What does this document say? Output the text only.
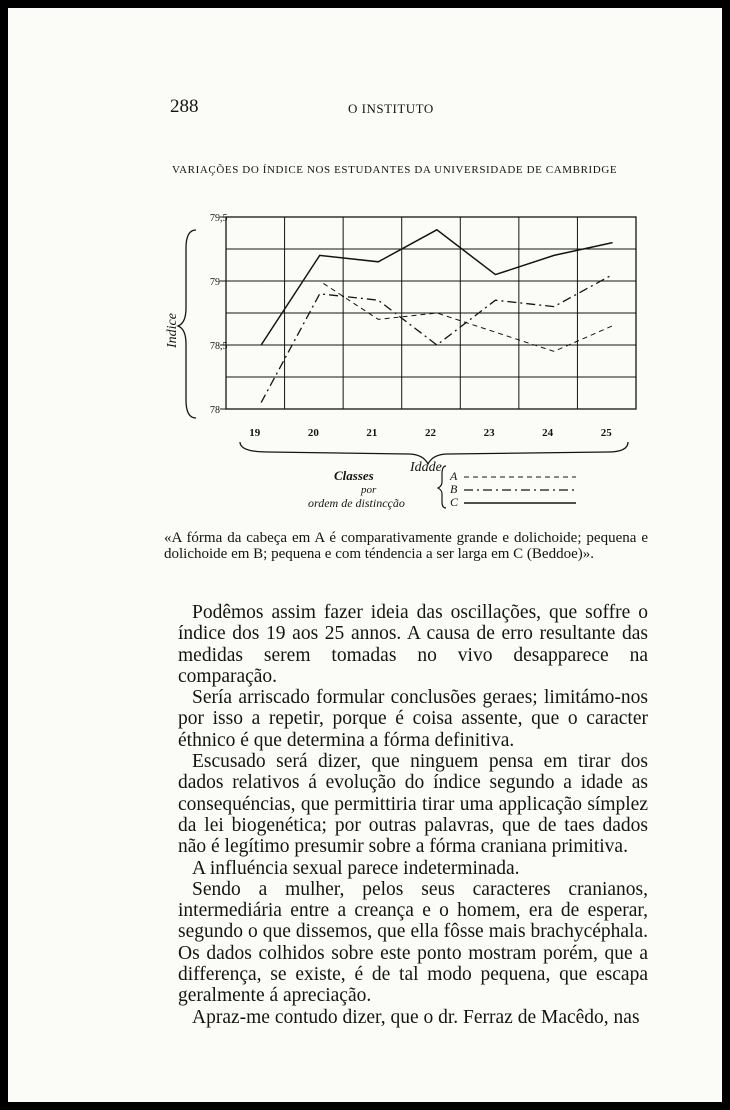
288	O INSTITUTO
VARIAÇÕES DO ÍNDICE NOS ESTUDANTES DA UNIVERSIDADE DE CAMBRIDGE
79,5
79
78,5
78
19	20	21	22	23	24	25
Indice
Idade
Classes
por
ordem de distincção
A
B
C
«A fórma da cabeça em A é comparativamente grande e dolichoide; pequena e dolichoide em B; pequena e com téndencia a ser larga em C (Beddoe)».

Podêmos assim fazer ideia das oscillações, que soffre o índice dos 19 aos 25 annos. A causa de erro resultante das medidas serem tomadas no vivo desapparece na comparação.

Sería arriscado formular conclusões geraes; limitámo-nos por isso a repetir, porque é coisa assente, que o caracter éthnico é que determina a fórma definitiva.

Escusado será dizer, que ninguem pensa em tirar dos dados relativos á evolução do índice segundo a idade as consequéncias, que permittiria tirar uma applicação símplez da lei biogenética; por outras palavras, que de taes dados não é legítimo presumir sobre a fórma craniana primitiva.

A influéncia sexual parece indeterminada.

Sendo a mulher, pelos seus caracteres cranianos, intermediária entre a creança e o homem, era de esperar, segundo o que dissemos, que ella fôsse mais brachycéphala. Os dados colhidos sobre este ponto mostram porém, que a differença, se existe, é de tal modo pequena, que escapa geralmente á apreciação.

Apraz-me contudo dizer, que o dr. Ferraz de Macêdo, nas
